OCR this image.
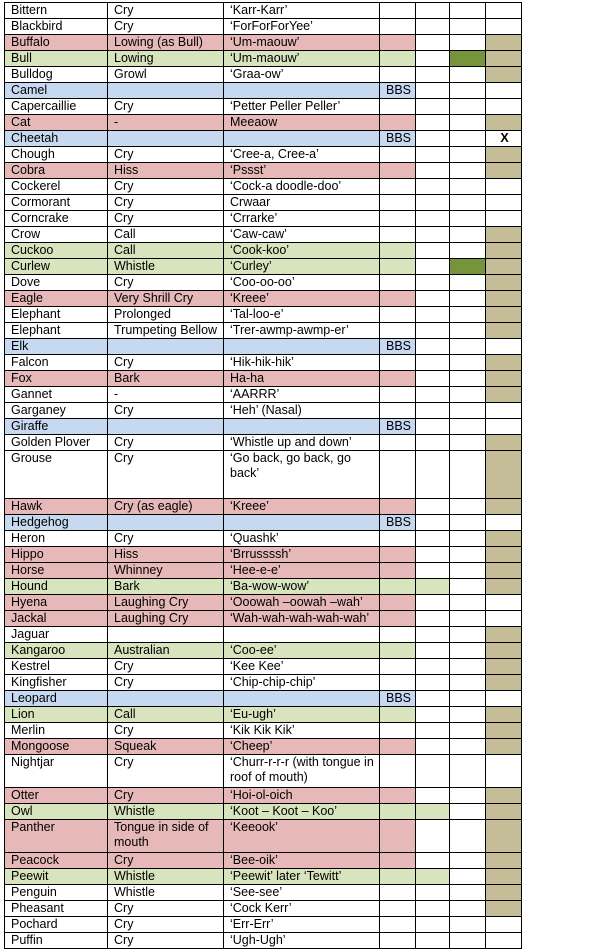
Bittern	Cry	‘Karr-Karr’				
Blackbird	Cry	‘ForForForYee’				
Buffalo	Lowing (as Bull)	‘Um-maouw’				
Bull	Lowing	‘Um-maouw’				
Bulldog	Growl	‘Graa-ow’				
Camel			BBS			
Capercaillie	Cry	‘Petter Peller Peller’				
Cat	-	Meeaow				
Cheetah			BBS			X
Chough	Cry	‘Cree-a, Cree-a’				
Cobra	Hiss	‘Pssst’				
Cockerel	Cry	‘Cock-a doodle-doo’				
Cormorant	Cry	Crwaar				
Corncrake	Cry	‘Crrarke’				
Crow	Call	‘Caw-caw’				
Cuckoo	Call	‘Cook-koo’				
Curlew	Whistle	‘Curley’				
Dove	Cry	‘Coo-oo-oo’				
Eagle	Very Shrill Cry	‘Kreee’				
Elephant	Prolonged	‘Tal-loo-e’				
Elephant	Trumpeting Bellow	‘Trer-awmp-awmp-er’				
Elk			BBS			
Falcon	Cry	‘Hik-hik-hik’				
Fox	Bark	Ha-ha				
Gannet	-	‘AARRR’				
Garganey	Cry	‘Heh’ (Nasal)				
Giraffe			BBS			
Golden Plover	Cry	‘Whistle up and down’				
Grouse	Cry	‘Go back, go back, go back’				
Hawk	Cry (as eagle)	‘Kreee’				
Hedgehog			BBS			
Heron	Cry	‘Quashk’				
Hippo	Hiss	‘Brrussssh’				
Horse	Whinney	‘Hee-e-e’				
Hound	Bark	‘Ba-wow-wow’				
Hyena	Laughing Cry	‘Ooowah –oowah –wah’				
Jackal	Laughing Cry	‘Wah-wah-wah-wah-wah’				
Jaguar						
Kangaroo	Australian	‘Coo-ee’				
Kestrel	Cry	‘Kee Kee’				
Kingfisher	Cry	‘Chip-chip-chip’				
Leopard			BBS			
Lion	Call	‘Eu-ugh’				
Merlin	Cry	‘Kik Kik Kik’				
Mongoose	Squeak	‘Cheep’				
Nightjar	Cry	‘Churr-r-r-r (with tongue in roof of mouth)				
Otter	Cry	‘Hoi-ol-oich				
Owl	Whistle	‘Koot – Koot – Koo’				
Panther	Tongue in side of mouth	‘Keeook’				
Peacock	Cry	‘Bee-oik’				
Peewit	Whistle	‘Peewit’ later ‘Tewitt’				
Penguin	Whistle	‘See-see’				
Pheasant	Cry	‘Cock Kerr’				
Pochard	Cry	‘Err-Err’				
Puffin	Cry	‘Ugh-Ugh’				
